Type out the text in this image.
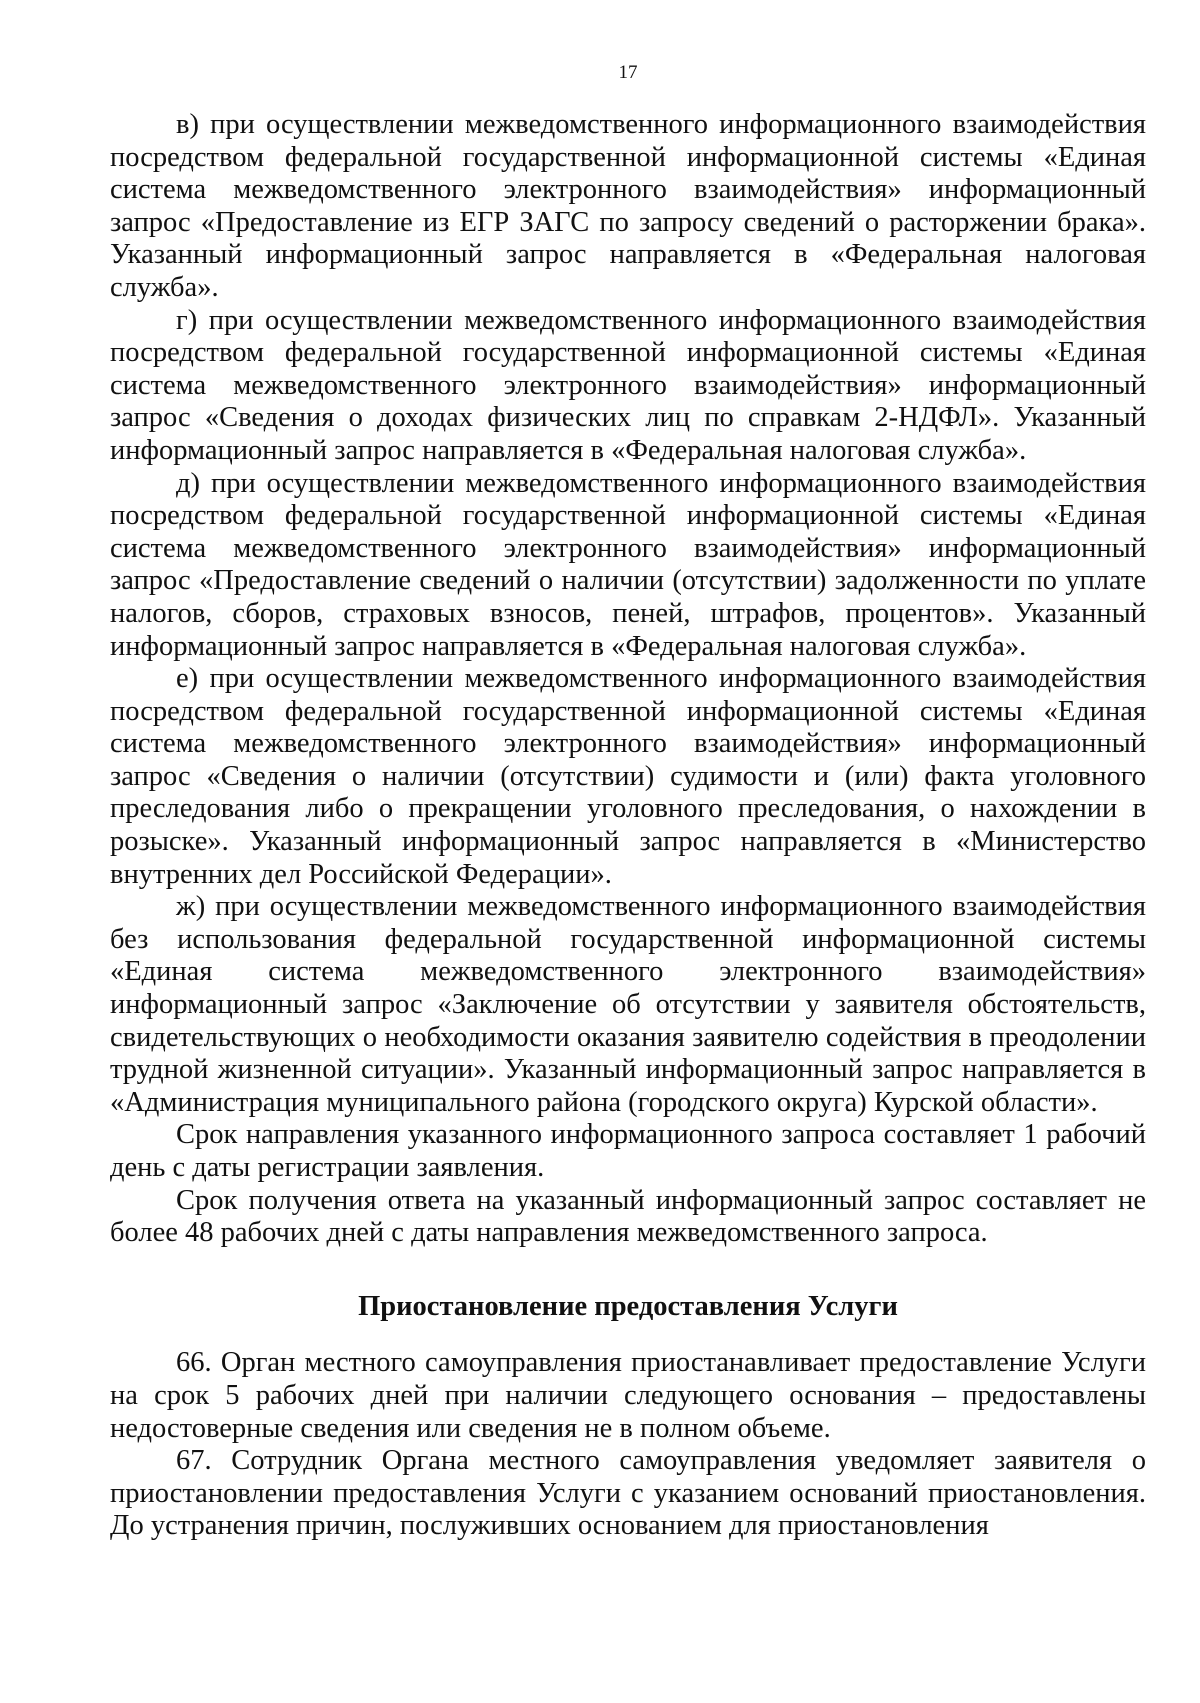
17

в) при осуществлении межведомственного информационного взаимодействия посредством федеральной государственной информационной системы «Единая система межведомственного электронного взаимодействия» информационный запрос «Предоставление из ЕГР ЗАГС по запросу сведений о расторжении брака». Указанный информационный запрос направляется в «Федеральная налоговая служба».

г) при осуществлении межведомственного информационного взаимодействия посредством федеральной государственной информационной системы «Единая система межведомственного электронного взаимодействия» информационный запрос «Сведения о доходах физических лиц по справкам 2-НДФЛ». Указанный информационный запрос направляется в «Федеральная налоговая служба».

д) при осуществлении межведомственного информационного взаимодействия посредством федеральной государственной информационной системы «Единая система межведомственного электронного взаимодействия» информационный запрос «Предоставление сведений о наличии (отсутствии) задолженности по уплате налогов, сборов, страховых взносов, пеней, штрафов, процентов». Указанный информационный запрос направляется в «Федеральная налоговая служба».

е) при осуществлении межведомственного информационного взаимодействия посредством федеральной государственной информационной системы «Единая система межведомственного электронного взаимодействия» информационный запрос «Сведения о наличии (отсутствии) судимости и (или) факта уголовного преследования либо о прекращении уголовного преследования, о нахождении в розыске». Указанный информационный запрос направляется в «Министерство внутренних дел Российской Федерации».

ж) при осуществлении межведомственного информационного взаимодействия без использования федеральной государственной информационной системы «Единая система межведомственного электронного взаимодействия» информационный запрос «Заключение об отсутствии у заявителя обстоятельств, свидетельствующих о необходимости оказания заявителю содействия в преодолении трудной жизненной ситуации». Указанный информационный запрос направляется в «Администрация муниципального района (городского округа) Курской области».

Срок направления указанного информационного запроса составляет 1 рабочий день с даты регистрации заявления.

Срок получения ответа на указанный информационный запрос составляет не более 48 рабочих дней с даты направления межведомственного запроса.

Приостановление предоставления Услуги

66. Орган местного самоуправления приостанавливает предоставление Услуги на срок 5 рабочих дней при наличии следующего основания – предоставлены недостоверные сведения или сведения не в полном объеме.

67. Сотрудник Органа местного самоуправления уведомляет заявителя о приостановлении предоставления Услуги с указанием оснований приостановления. До устранения причин, послуживших основанием для приостановления
